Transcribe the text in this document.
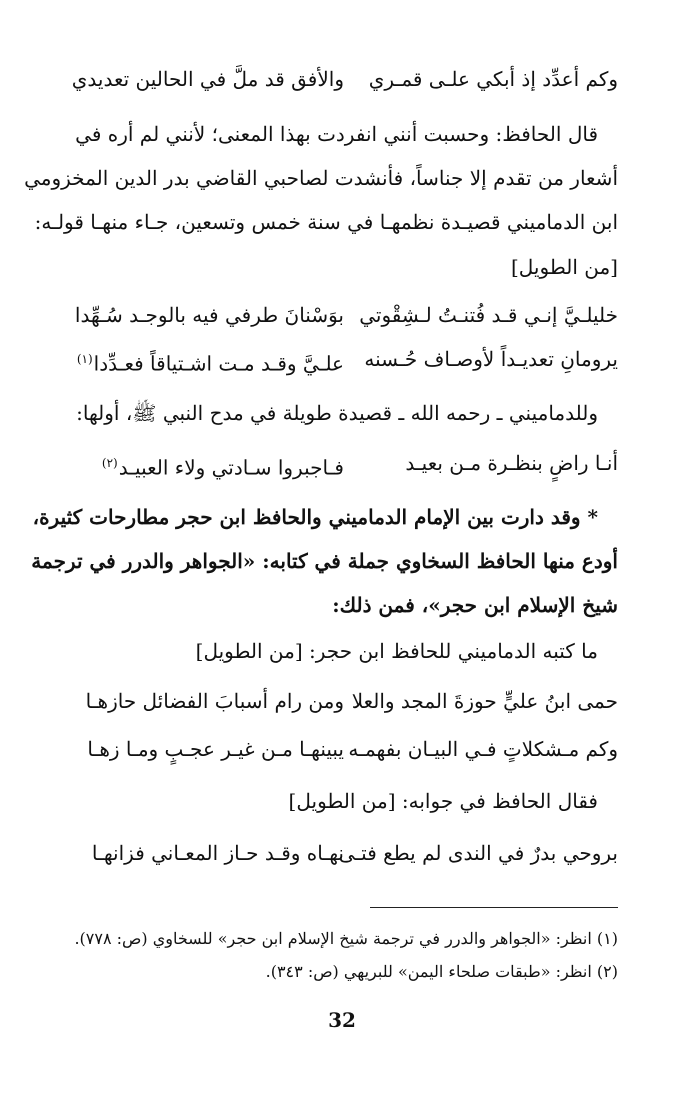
وكم أعدِّد إذ أبكي علـى قمـري
والأفق قد ملَّ في الحالين تعديدي
قال الحافظ: وحسبت أنني انفردت بهذا المعنى؛ لأنني لم أره في
أشعار من تقدم إلا جناساً، فأنشدت لصاحبي القاضي بدر الدين المخزومي
ابن الدماميني قصيـدة نظمهـا في سنة خمس وتسعين، جـاء منهـا قولـه:
[من الطويل]
خليلـيَّ إنـي قـد فُتنـتُ لـشِقْوتي
بوَسْنانَ طرفي فيه بالوجـد سُـهِّدا
يرومانِ تعديـداً لأوصـاف حُـسنه
علـيَّ وقـد مـت اشـتياقاً فعـدِّدا$^{(١)}$
وللدماميني ـ رحمه الله ـ قصيدة طويلة في مدح النبي ﷺ، أولها:
أنـا راضٍ بنظـرة مـن بعيـد
فـاجبروا سـادتي ولاء العبيـد$^{(٢)}$
* وقد دارت بين الإمام الدماميني والحافظ ابن حجر مطارحات كثيرة،
أودع منها الحافظ السخاوي جملة في كتابه: «الجواهر والدرر في ترجمة
شيخ الإسلام ابن حجر»، فمن ذلك:
ما كتبه الدماميني للحافظ ابن حجر: [من الطويل]
حمى ابنُ عليٍّ حوزةَ المجد والعلا
ومن رام أسبابَ الفضائل حازهـا
وكم مـشكلاتٍ فـي البيـان بفهمـه
يبينهـا مـن غيـر عجـبٍ ومـا زهـا
فقال الحافظ في جوابه: [من الطويل]
بروحي بدرٌ في الندى لم يطع فتـى
نهـاه وقـد حـاز المعـاني فزانهـا
(١) انظر: «الجواهر والدرر في ترجمة شيخ الإسلام ابن حجر» للسخاوي (ص: ٧٧٨).
(٢) انظر: «طبقات صلحاء اليمن» للبريهي (ص: ٣٤٣).
32
